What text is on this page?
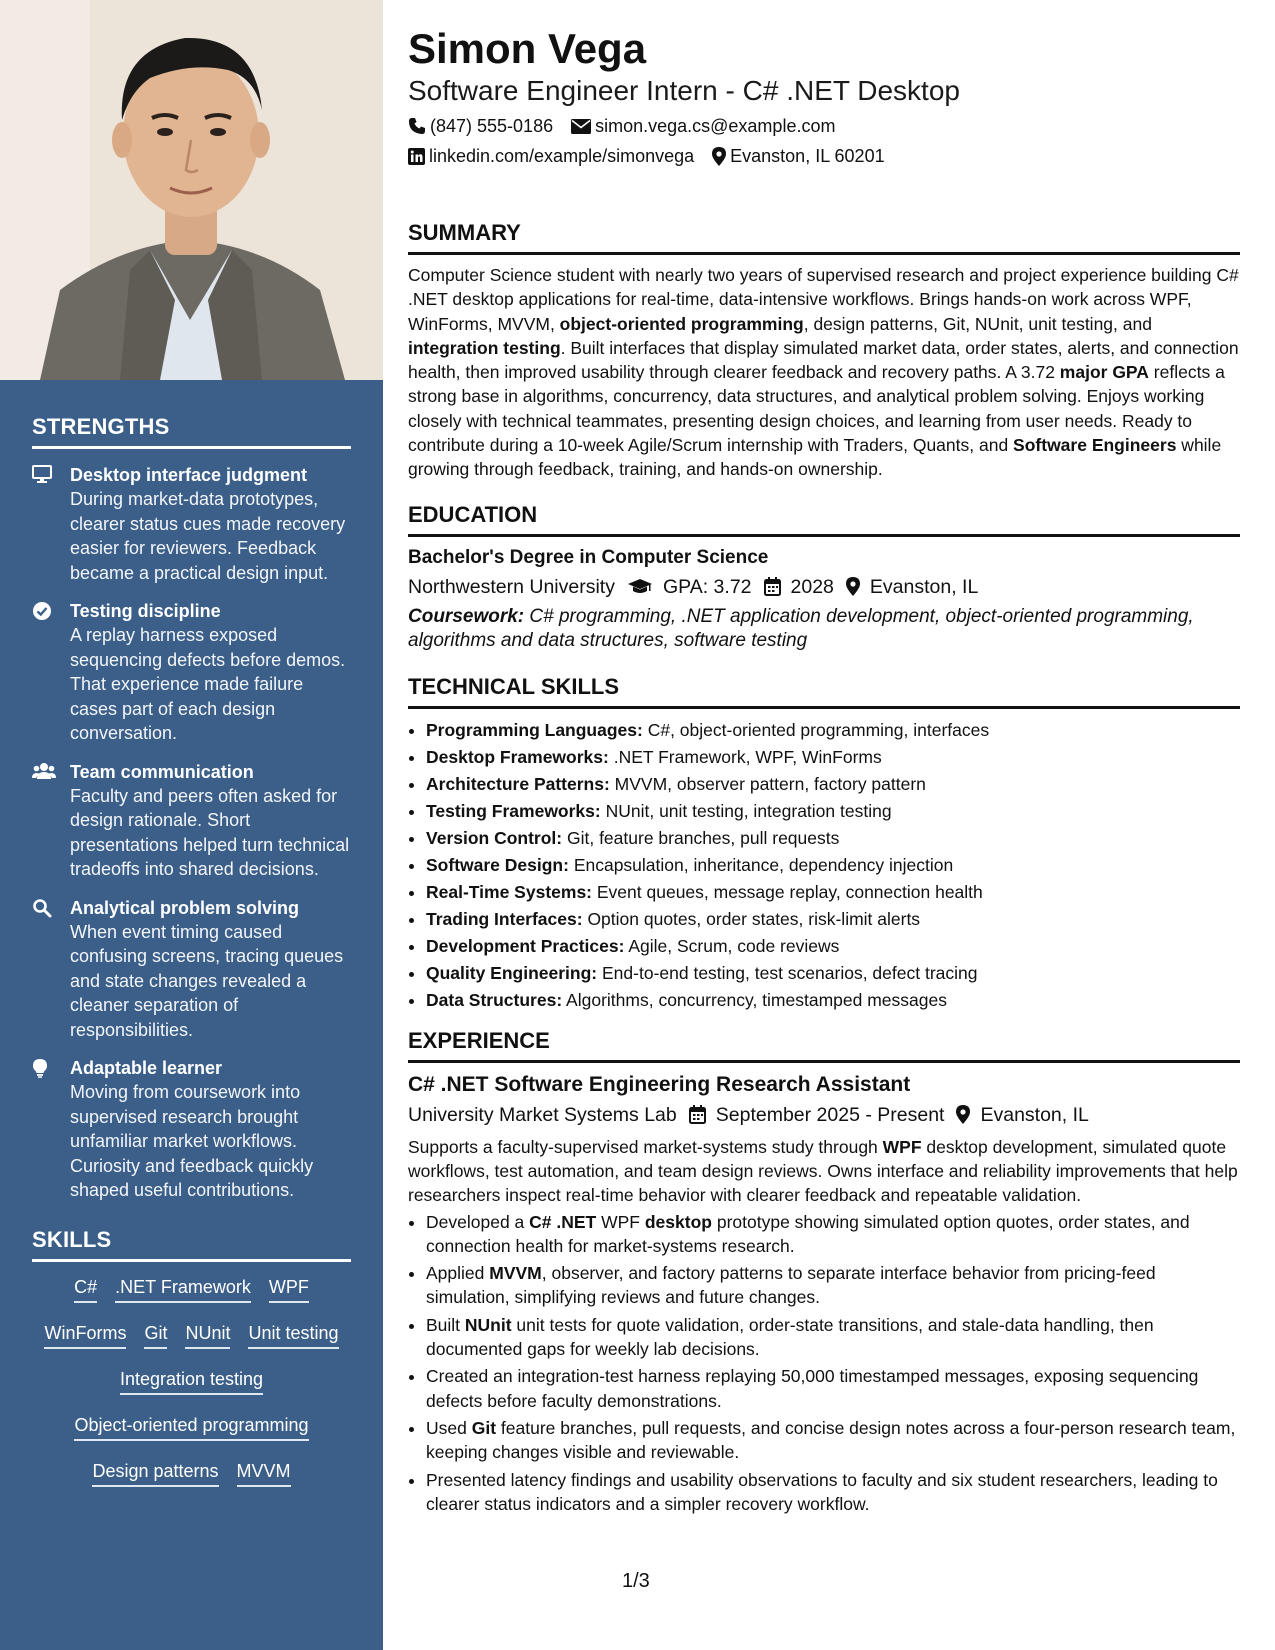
STRENGTHS
Desktop interface judgment
During market-data prototypes, clearer status cues made recovery easier for reviewers. Feedback became a practical design input.
Testing discipline
A replay harness exposed sequencing defects before demos. That experience made failure cases part of each design conversation.
Team communication
Faculty and peers often asked for design rationale. Short presentations helped turn technical tradeoffs into shared decisions.
Analytical problem solving
When event timing caused confusing screens, tracing queues and state changes revealed a cleaner separation of responsibilities.
Adaptable learner
Moving from coursework into supervised research brought unfamiliar market workflows. Curiosity and feedback quickly shaped useful contributions.
SKILLS
C# .NET Framework WPF
WinForms Git NUnit Unit testing
Integration testing
Object-oriented programming
Design patterns MVVM
Simon Vega
Software Engineer Intern - C# .NET Desktop
(847) 555-0186 simon.vega.cs@example.com
linkedin.com/example/simonvega Evanston, IL 60201
SUMMARY

Computer Science student with nearly two years of supervised research and project experience building C# .NET desktop applications for real-time, data-intensive workflows. Brings hands-on work across WPF, WinForms, MVVM, object-oriented programming, design patterns, Git, NUnit, unit testing, and integration testing. Built interfaces that display simulated market data, order states, alerts, and connection health, then improved usability through clearer feedback and recovery paths. A 3.72 major GPA reflects a strong base in algorithms, concurrency, data structures, and analytical problem solving. Enjoys working closely with technical teammates, presenting design choices, and learning from user needs. Ready to contribute during a 10-week Agile/Scrum internship with Traders, Quants, and Software Engineers while growing through feedback, training, and hands-on ownership.

EDUCATION
Bachelor's Degree in Computer Science
Northwestern University GPA: 3.72 2028 Evanston, IL
Coursework: C# programming, .NET application development, object-oriented programming, algorithms and data structures, software testing
TECHNICAL SKILLS
• Programming Languages: C#, object-oriented programming, interfaces
• Desktop Frameworks: .NET Framework, WPF, WinForms
• Architecture Patterns: MVVM, observer pattern, factory pattern
• Testing Frameworks: NUnit, unit testing, integration testing
• Version Control: Git, feature branches, pull requests
• Software Design: Encapsulation, inheritance, dependency injection
• Real-Time Systems: Event queues, message replay, connection health
• Trading Interfaces: Option quotes, order states, risk-limit alerts
• Development Practices: Agile, Scrum, code reviews
• Quality Engineering: End-to-end testing, test scenarios, defect tracing
• Data Structures: Algorithms, concurrency, timestamped messages
EXPERIENCE
C# .NET Software Engineering Research Assistant
University Market Systems Lab September 2025 - Present Evanston, IL

Supports a faculty-supervised market-systems study through WPF desktop development, simulated quote workflows, test automation, and team design reviews. Owns interface and reliability improvements that help researchers inspect real-time behavior with clearer feedback and repeatable validation.

• Developed a C# .NET WPF desktop prototype showing simulated option quotes, order states, and connection health for market-systems research.
• Applied MVVM, observer, and factory patterns to separate interface behavior from pricing-feed simulation, simplifying reviews and future changes.
• Built NUnit unit tests for quote validation, order-state transitions, and stale-data handling, then documented gaps for weekly lab decisions.
• Created an integration-test harness replaying 50,000 timestamped messages, exposing sequencing defects before faculty demonstrations.
• Used Git feature branches, pull requests, and concise design notes across a four-person research team, keeping changes visible and reviewable.
• Presented latency findings and usability observations to faculty and six student researchers, leading to clearer status indicators and a simpler recovery workflow.
1/3
